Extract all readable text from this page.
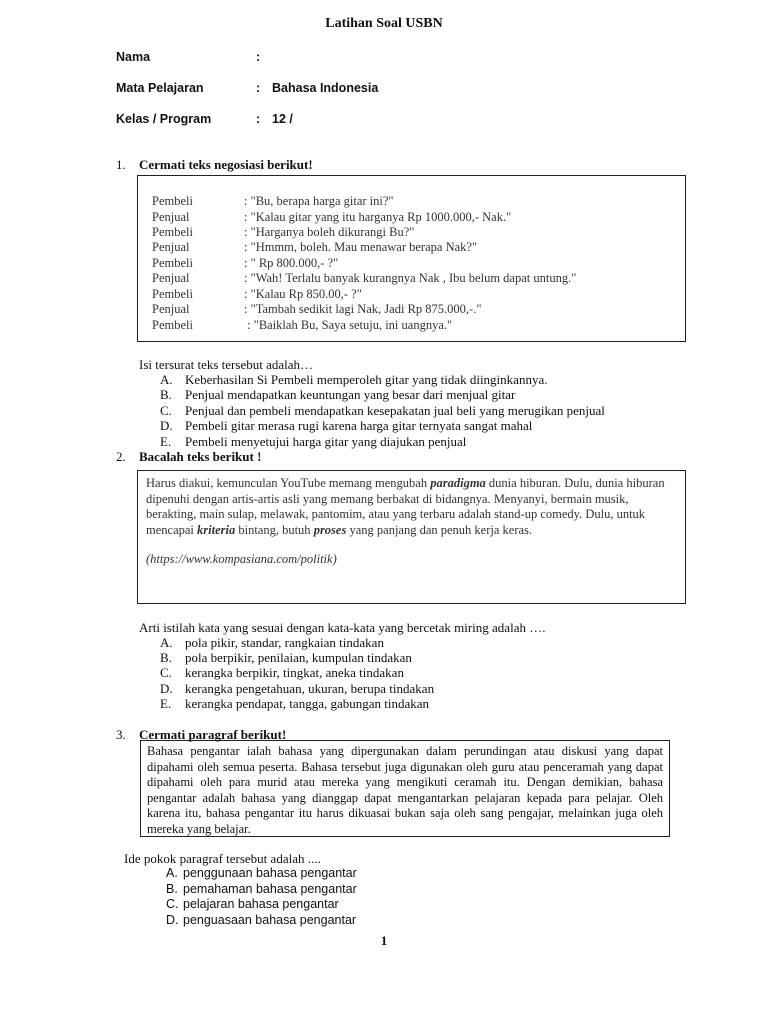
Latihan Soal USBN
Nama	:
Mata Pelajaran	: Bahasa Indonesia
Kelas / Program	: 12 /
1. Cermati teks negosiasi berikut!
Pembeli	: "Bu, berapa harga gitar ini?"
Penjual	: "Kalau gitar yang itu harganya Rp 1000.000,- Nak."
Pembeli	: "Harganya boleh dikurangi Bu?"
Penjual	: "Hmmm, boleh. Mau menawar berapa Nak?"
Pembeli	: " Rp 800.000,- ?"
Penjual	: "Wah! Terlalu banyak kurangnya Nak , Ibu belum dapat untung."
Pembeli	: "Kalau Rp 850.00,- ?"
Penjual	: "Tambah sedikit lagi Nak, Jadi Rp 875.000,-."
Pembeli	: "Baiklah Bu, Saya setuju, ini uangnya."
Isi tersurat teks tersebut adalah…
A. Keberhasilan Si Pembeli memperoleh gitar yang tidak diinginkannya.
B. Penjual mendapatkan keuntungan yang besar dari menjual gitar
C. Penjual dan pembeli mendapatkan kesepakatan jual beli yang merugikan penjual
D. Pembeli gitar merasa rugi karena harga gitar ternyata sangat mahal
E. Pembeli menyetujui harga gitar yang diajukan penjual
2. Bacalah teks berikut !
Harus diakui, kemunculan YouTube memang mengubah paradigma dunia hiburan. Dulu, dunia hiburan dipenuhi dengan artis-artis asli yang memang berbakat di bidangnya. Menyanyi, bermain musik, berakting, main sulap, melawak, pantomim, atau yang terbaru adalah stand-up comedy. Dulu, untuk mencapai kriteria bintang, butuh proses yang panjang dan penuh kerja keras.
(https://www.kompasiana.com/politik)
Arti istilah kata yang sesuai dengan kata-kata yang bercetak miring adalah ….
A. pola pikir, standar, rangkaian tindakan
B. pola berpikir, penilaian, kumpulan tindakan
C. kerangka berpikir, tingkat, aneka tindakan
D. kerangka pengetahuan, ukuran, berupa tindakan
E. kerangka pendapat, tangga, gabungan tindakan
3. Cermati paragraf berikut!
Bahasa pengantar ialah bahasa yang dipergunakan dalam perundingan atau diskusi yang dapat dipahami oleh semua peserta. Bahasa tersebut juga digunakan oleh guru atau penceramah yang dapat dipahami oleh para murid atau mereka yang mengikuti ceramah itu. Dengan demikian, bahasa pengantar adalah bahasa yang dianggap dapat mengantarkan pelajaran kepada para pelajar. Oleh karena itu, bahasa pengantar itu harus dikuasai bukan saja oleh sang pengajar, melainkan juga oleh mereka yang belajar.
Ide pokok paragraf tersebut adalah ....
A. penggunaan bahasa pengantar
B. pemahaman bahasa pengantar
C. pelajaran bahasa pengantar
D. penguasaan bahasa pengantar
1
